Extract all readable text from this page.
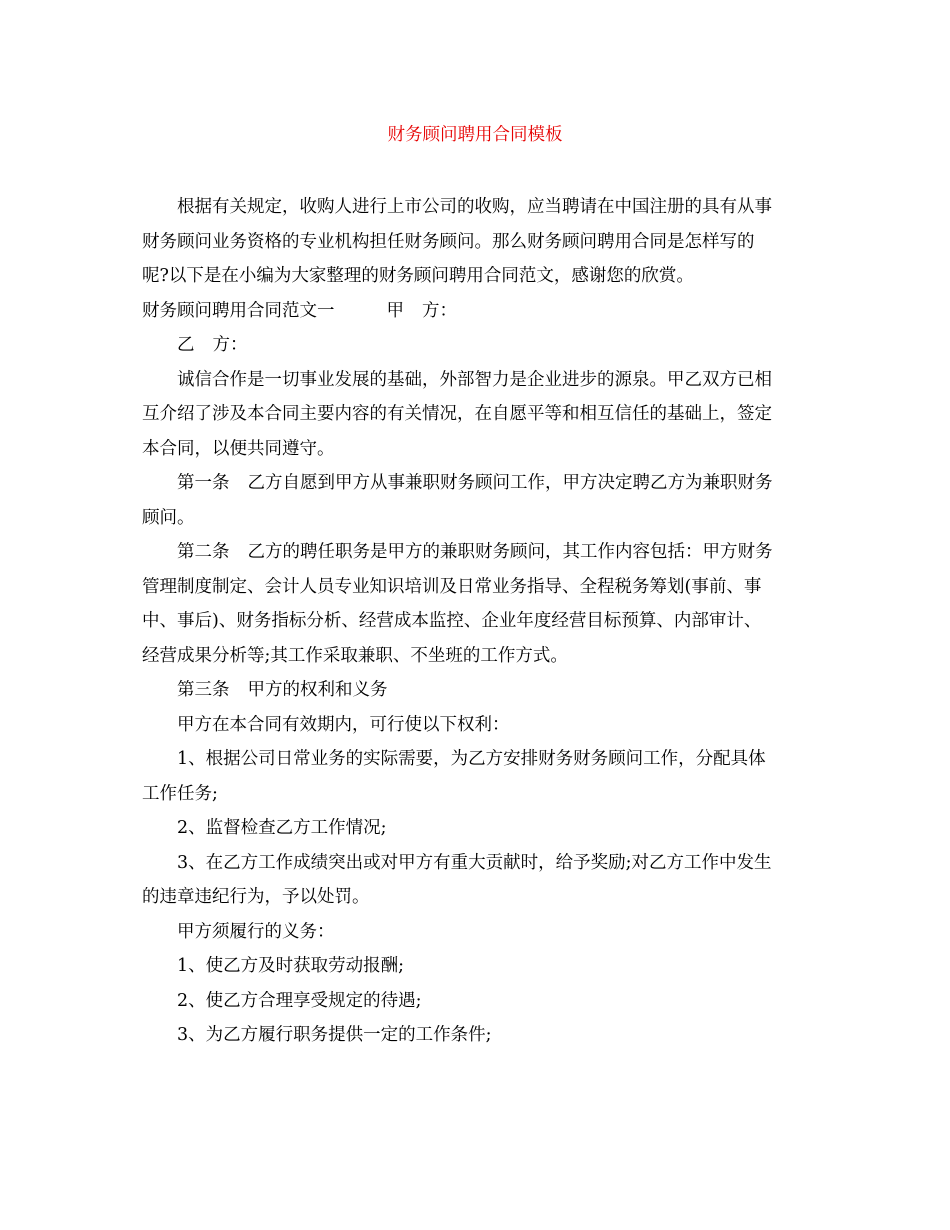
财务顾问聘用合同模板
根据有关规定，收购人进行上市公司的收购，应当聘请在中国注册的具有从事
财务顾问业务资格的专业机构担任财务顾问。那么财务顾问聘用合同是怎样写的
呢?以下是在小编为大家整理的财务顾问聘用合同范文，感谢您的欣赏。
财务顾问聘用合同范文一	甲 方：
乙 方：
诚信合作是一切事业发展的基础，外部智力是企业进步的源泉。甲乙双方已相
互介绍了涉及本合同主要内容的有关情况，在自愿平等和相互信任的基础上，签定
本合同，以便共同遵守。
第一条 乙方自愿到甲方从事兼职财务顾问工作，甲方决定聘乙方为兼职财务
顾问。
第二条 乙方的聘任职务是甲方的兼职财务顾问，其工作内容包括：甲方财务
管理制度制定、会计人员专业知识培训及日常业务指导、全程税务筹划(事前、事
中、事后)、财务指标分析、经营成本监控、企业年度经营目标预算、内部审计、
经营成果分析等;其工作采取兼职、不坐班的工作方式。
第三条 甲方的权利和义务
甲方在本合同有效期内，可行使以下权利：
1、根据公司日常业务的实际需要，为乙方安排财务财务顾问工作，分配具体
工作任务;
2、监督检查乙方工作情况;
3、在乙方工作成绩突出或对甲方有重大贡献时，给予奖励;对乙方工作中发生
的违章违纪行为，予以处罚。
甲方须履行的义务：
1、使乙方及时获取劳动报酬;
2、使乙方合理享受规定的待遇;
3、为乙方履行职务提供一定的工作条件;
